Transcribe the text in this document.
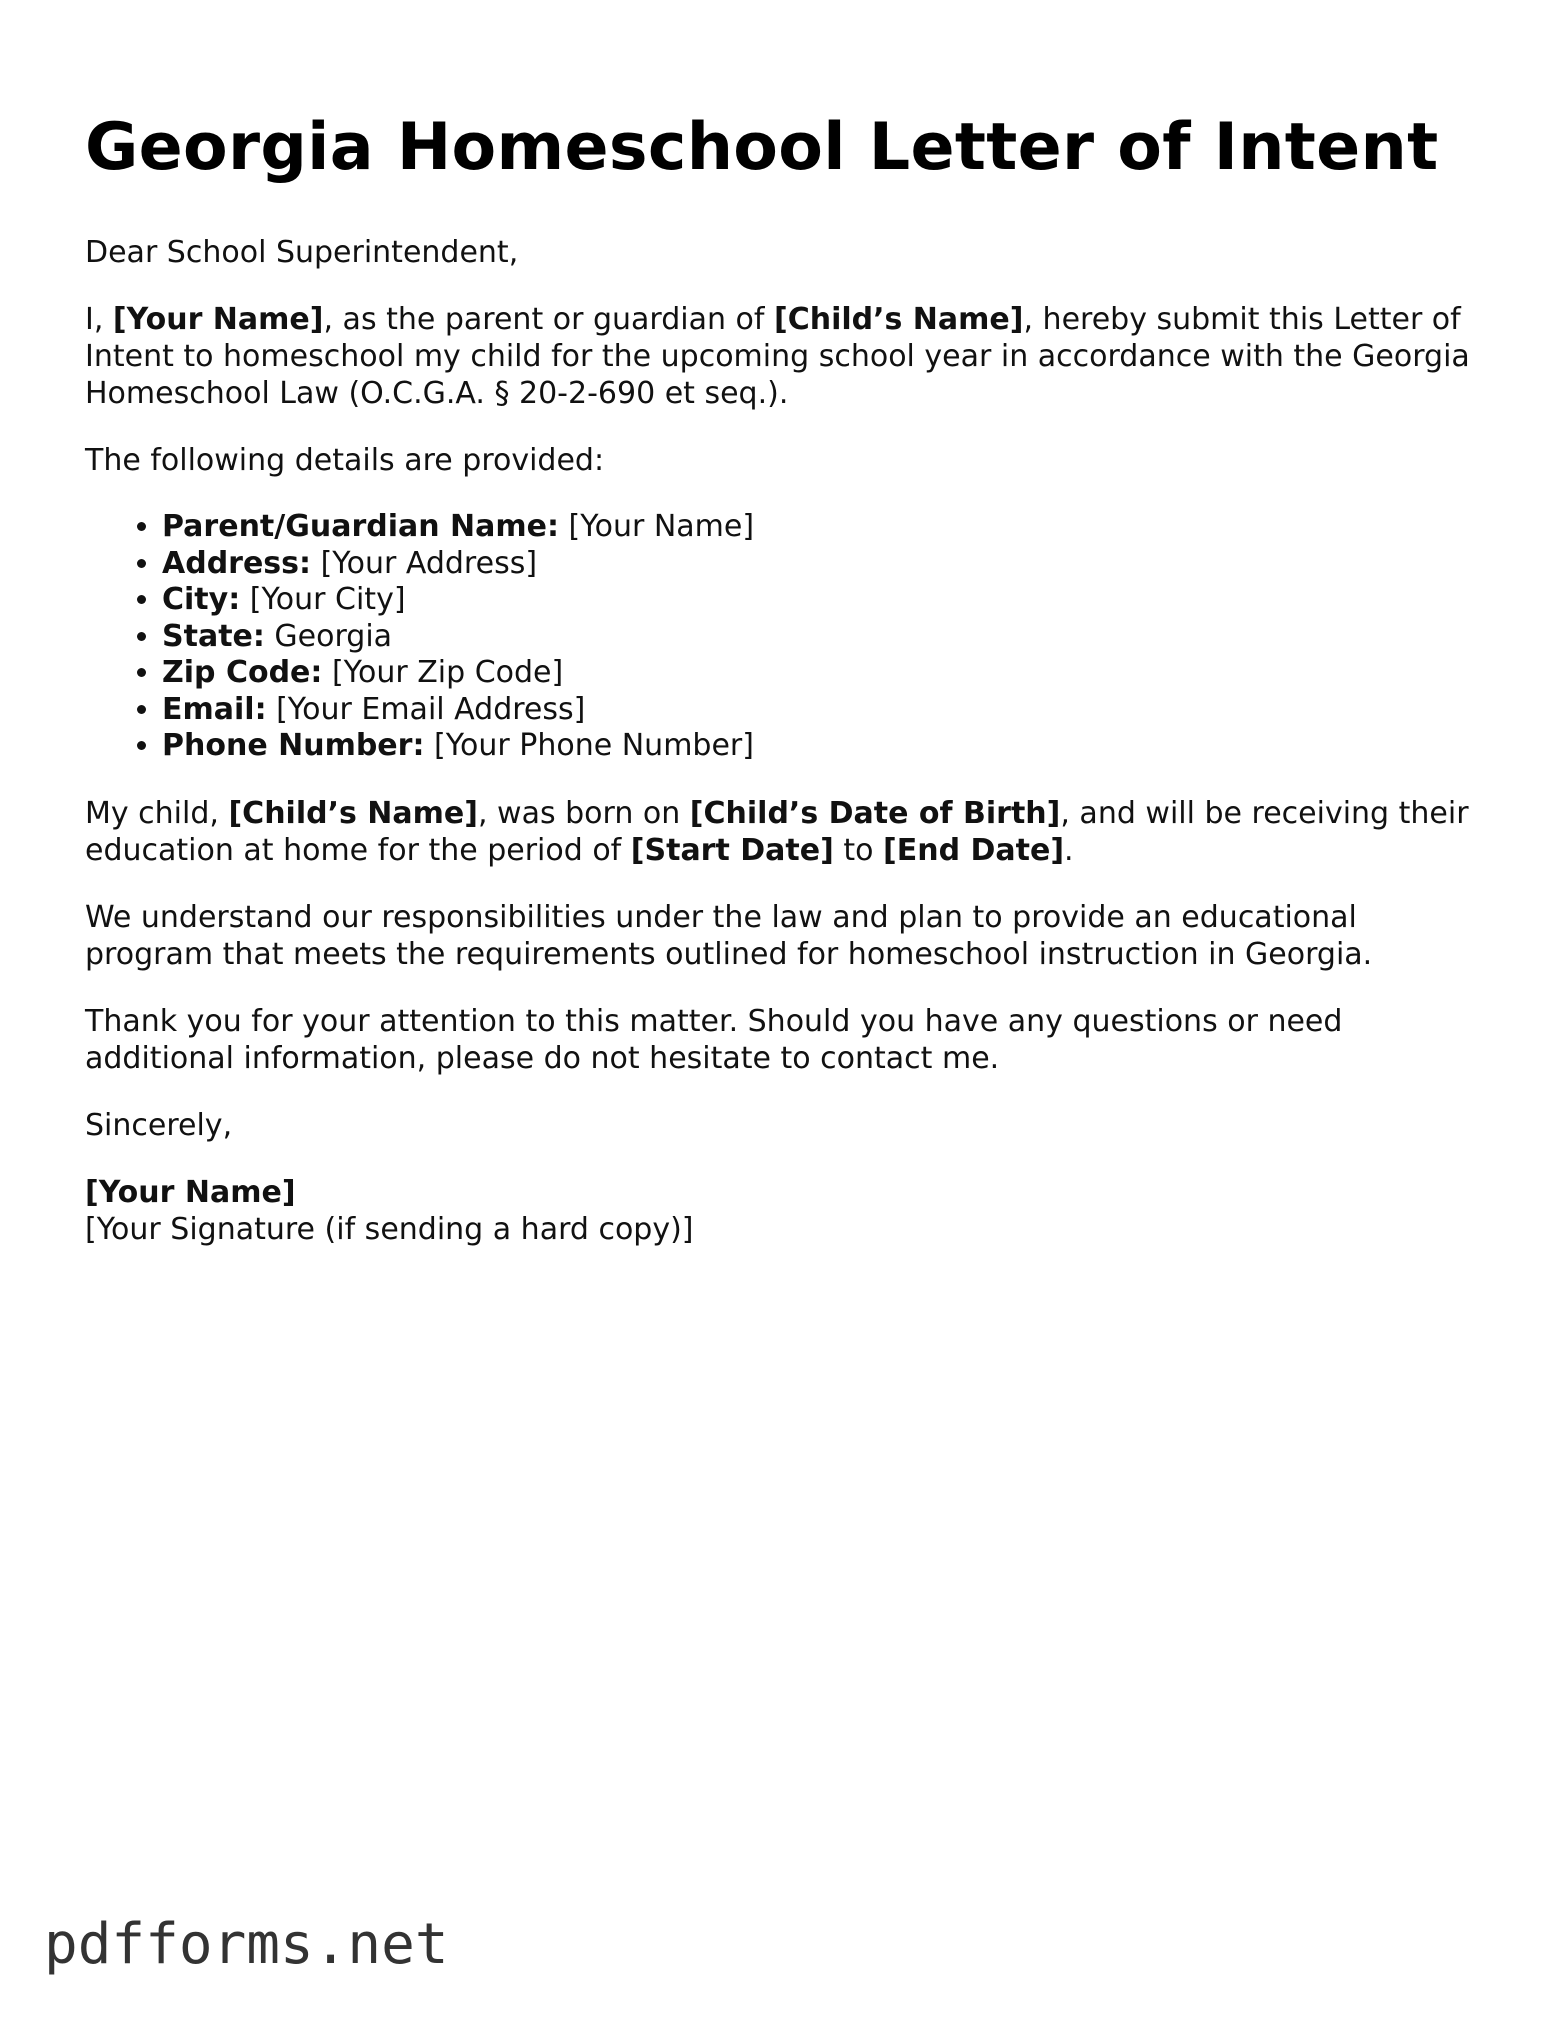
Georgia Homeschool Letter of Intent

Dear School Superintendent,

I, [Your Name], as the parent or guardian of [Child’s Name], hereby submit this Letter of Intent to homeschool my child for the upcoming school year in accordance with the Georgia Homeschool Law (O.C.G.A. § 20-2-690 et seq.).

The following details are provided:

• Parent/Guardian Name: [Your Name]
• Address: [Your Address]
• City: [Your City]
• State: Georgia
• Zip Code: [Your Zip Code]
• Email: [Your Email Address]
• Phone Number: [Your Phone Number]

My child, [Child’s Name], was born on [Child’s Date of Birth], and will be receiving their education at home for the period of [Start Date] to [End Date].

We understand our responsibilities under the law and plan to provide an educational program that meets the requirements outlined for homeschool instruction in Georgia.

Thank you for your attention to this matter. Should you have any questions or need additional information, please do not hesitate to contact me.

Sincerely,

[Your Name]
[Your Signature (if sending a hard copy)]
pdfforms.net
